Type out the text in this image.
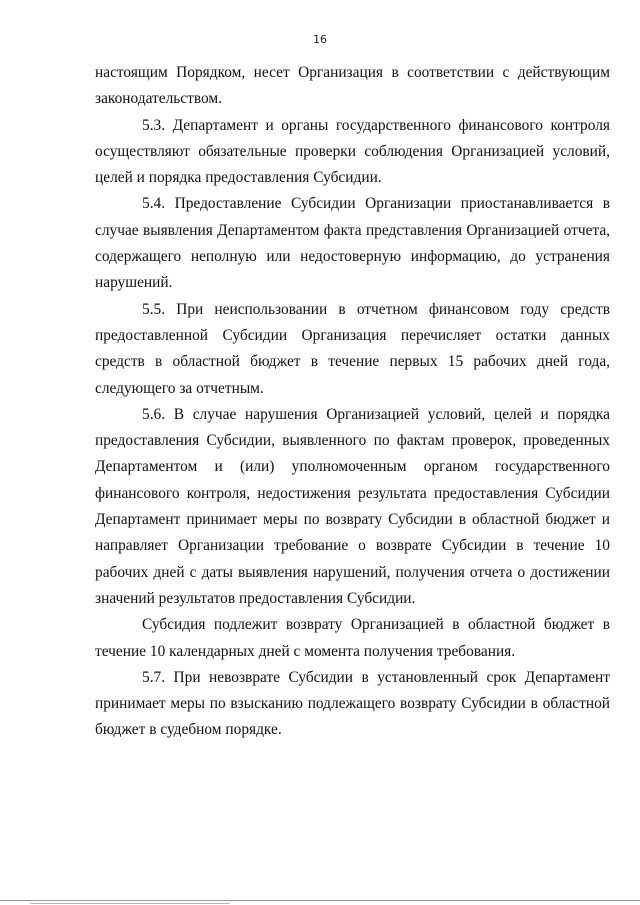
16

настоящим Порядком, несет Организация в соответствии с действующим законодательством.

5.3. Департамент и органы государственного финансового контроля осуществляют обязательные проверки соблюдения Организацией условий, целей и порядка предоставления Субсидии.

5.4. Предоставление Субсидии Организации приостанавливается в случае выявления Департаментом факта представления Организацией отчета, содержащего неполную или недостоверную информацию, до устранения нарушений.

5.5. При неиспользовании в отчетном финансовом году средств предоставленной Субсидии Организация перечисляет остатки данных средств в областной бюджет в течение первых 15 рабочих дней года, следующего за отчетным.

5.6. В случае нарушения Организацией условий, целей и порядка предоставления Субсидии, выявленного по фактам проверок, проведенных Департаментом и (или) уполномоченным органом государственного финансового контроля, недостижения результата предоставления Субсидии Департамент принимает меры по возврату Субсидии в областной бюджет и направляет Организации требование о возврате Субсидии в течение 10 рабочих дней с даты выявления нарушений, получения отчета о достижении значений результатов предоставления Субсидии.

Субсидия подлежит возврату Организацией в областной бюджет в течение 10 календарных дней с момента получения требования.

5.7. При невозврате Субсидии в установленный срок Департамент принимает меры по взысканию подлежащего возврату Субсидии в областной бюджет в судебном порядке.
